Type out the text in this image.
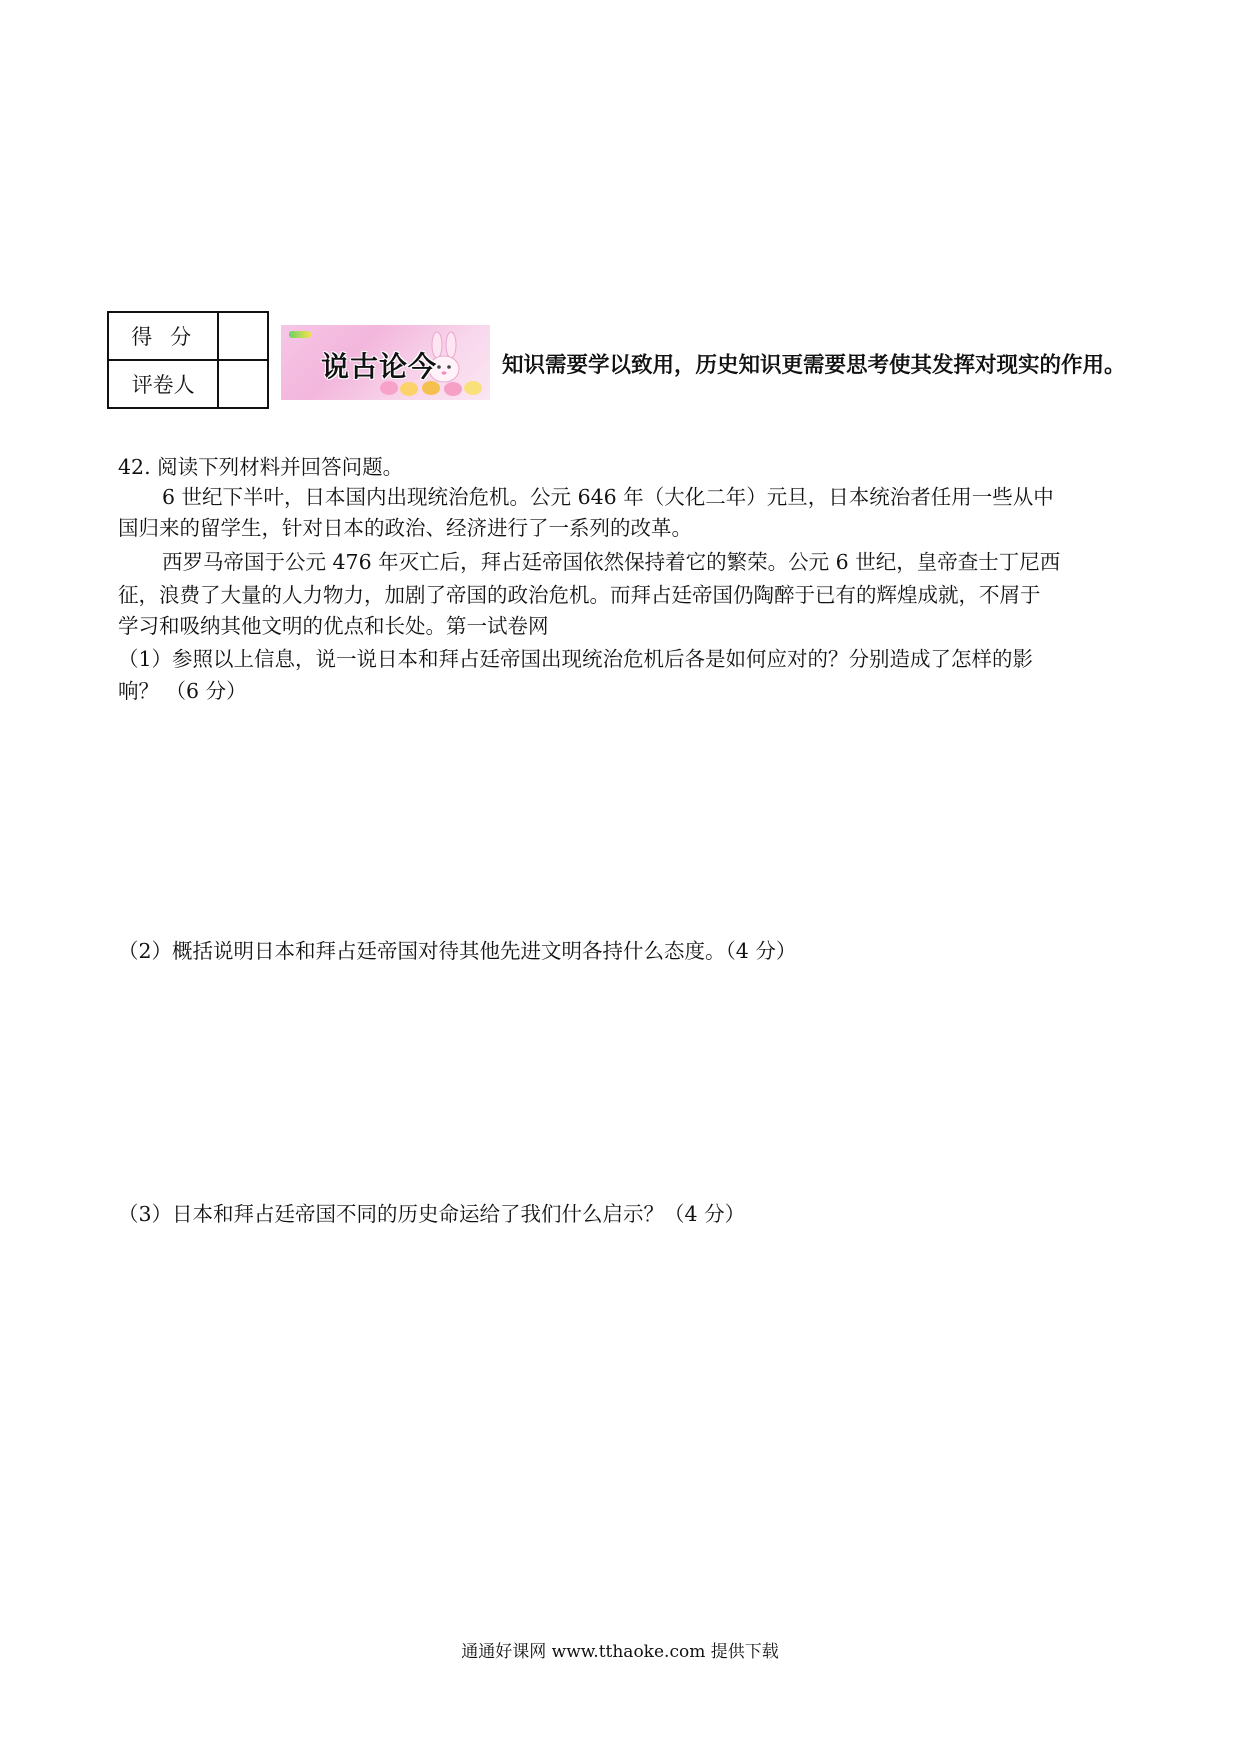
得分	
评卷人	
说古论今	知识需要学以致用，历史知识更需要思考使其发挥对现实的作用。
42. 阅读下列材料并回答问题。
6 世纪下半叶，日本国内出现统治危机。公元 646 年（大化二年）元旦，日本统治者任用一些从中
国归来的留学生，针对日本的政治、经济进行了一系列的改革。
西罗马帝国于公元 476 年灭亡后，拜占廷帝国依然保持着它的繁荣。公元 6 世纪，皇帝查士丁尼西
征，浪费了大量的人力物力，加剧了帝国的政治危机。而拜占廷帝国仍陶醉于已有的辉煌成就，不屑于
学习和吸纳其他文明的优点和长处。第一试卷网
（1）参照以上信息，说一说日本和拜占廷帝国出现统治危机后各是如何应对的？分别造成了怎样的影
响？ （6 分）
（2）概括说明日本和拜占廷帝国对待其他先进文明各持什么态度。（4 分）
（3）日本和拜占廷帝国不同的历史命运给了我们什么启示？（4 分）
通通好课网 www.tthaoke.com 提供下载
